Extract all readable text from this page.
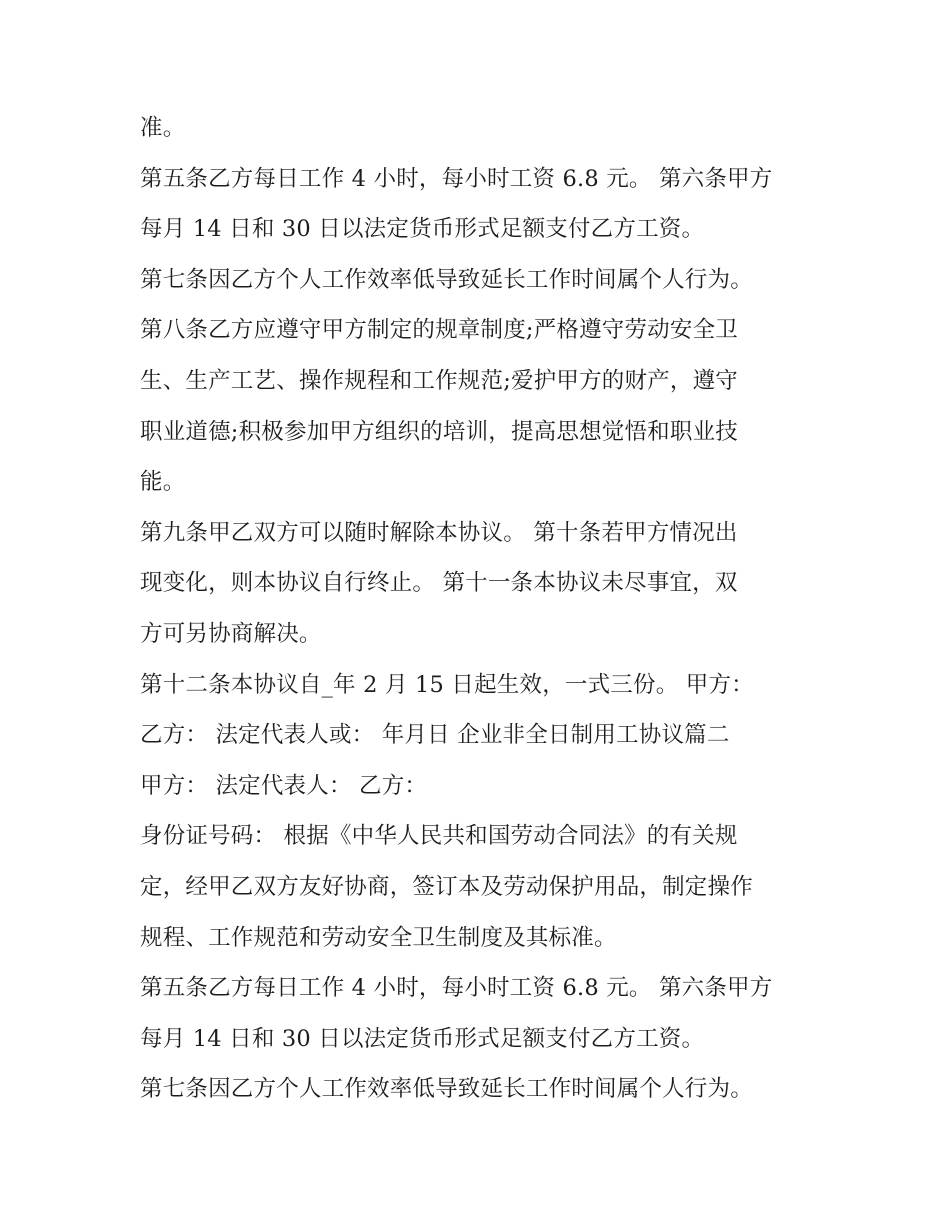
准。
第五条乙方每日工作 4 小时，每小时工资 6.8 元。 第六条甲方
每月 14 日和 30 日以法定货币形式足额支付乙方工资。
第七条因乙方个人工作效率低导致延长工作时间属个人行为。
第八条乙方应遵守甲方制定的规章制度;严格遵守劳动安全卫
生、生产工艺、操作规程和工作规范;爱护甲方的财产，遵守
职业道德;积极参加甲方组织的培训，提高思想觉悟和职业技
能。
第九条甲乙双方可以随时解除本协议。 第十条若甲方情况出
现变化，则本协议自行终止。 第十一条本协议未尽事宜，双
方可另协商解决。
第十二条本协议自_年 2 月 15 日起生效，一式三份。 甲方：
乙方： 法定代表人或： 年月日 企业非全日制用工协议篇二
甲方： 法定代表人： 乙方：
身份证号码： 根据《中华人民共和国劳动合同法》的有关规
定，经甲乙双方友好协商，签订本及劳动保护用品，制定操作
规程、工作规范和劳动安全卫生制度及其标准。
第五条乙方每日工作 4 小时，每小时工资 6.8 元。 第六条甲方
每月 14 日和 30 日以法定货币形式足额支付乙方工资。
第七条因乙方个人工作效率低导致延长工作时间属个人行为。
